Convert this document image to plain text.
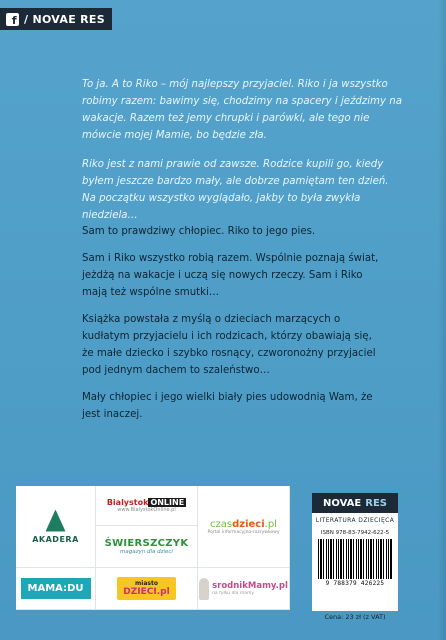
f / NOVAE RES

To ja. A to Riko – mój najlepszy przyjaciel. Riko i ja wszystko robimy razem: bawimy się, chodzimy na spacery i jeździmy na wakacje. Razem też jemy chrupki i parówki, ale tego nie mówcie mojej Mamie, bo będzie zła.

Riko jest z nami prawie od zawsze. Rodzice kupili go, kiedy byłem jeszcze bardzo mały, ale dobrze pamiętam ten dzień. Na początku wszystko wyglądało, jakby to była zwykła niedziela…

Sam to prawdziwy chłopiec. Riko to jego pies.

Sam i Riko wszystko robią razem. Wspólnie poznają świat, jeżdżą na wakacje i uczą się nowych rzeczy. Sam i Riko mają też wspólne smutki…

Książka powstała z myślą o dzieciach marzących o kudłatym przyjacielu i ich rodzicach, którzy obawiają się, że małe dziecko i szybko rosnący, czworonożny przyjaciel pod jednym dachem to szaleństwo…

Mały chłopiec i jego wielki biały pies udowodnią Wam, że jest inaczej.

AKADERA
Bialystok ONLINE
www.BialystokOnline.pl
czasdzieci.pl
Portal informacyjno-rozrywkowy
ŚWIERSZCZYK
magazyn dla dzieci
MAMA:DU	miasto
DZIECI.pl
srodnikMamy.pl
na tyłku dla mamy
NOVAE RES
LITERATURA DZIECIĘCA
ISBN 978-83-7942-622-5
9 788379 426225
Cena: 23 zł (z VAT)
